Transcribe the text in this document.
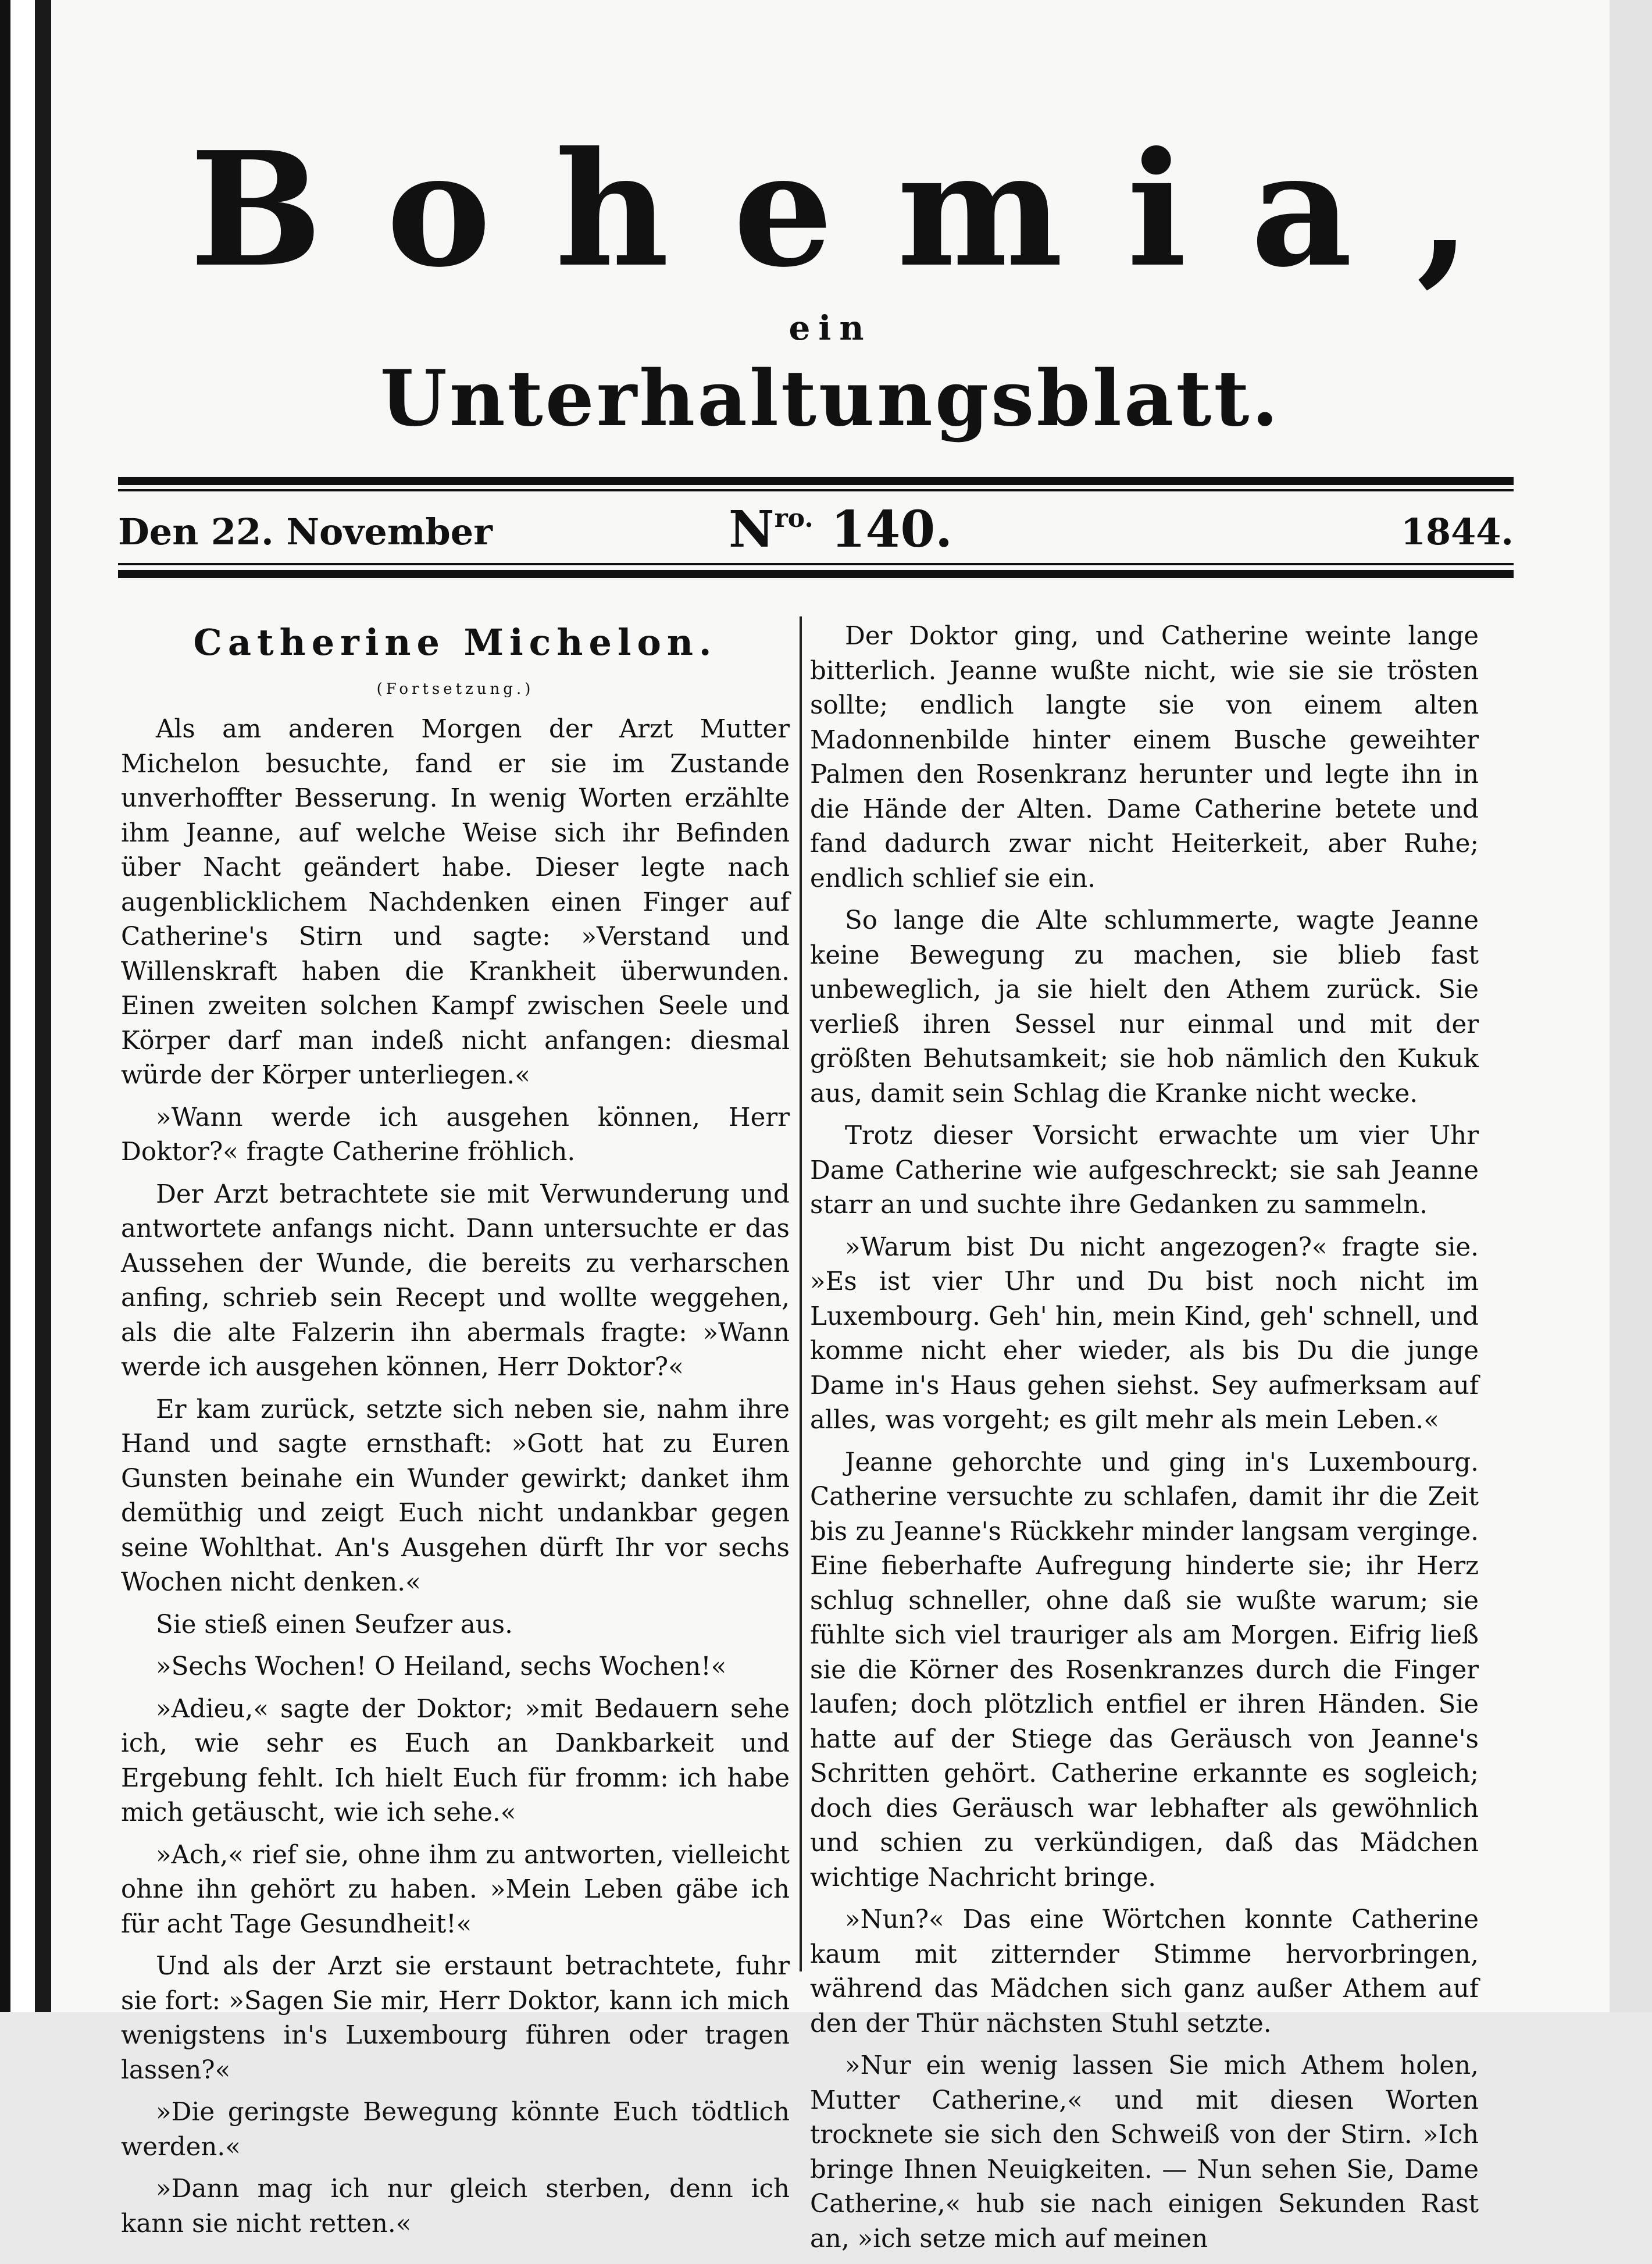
Bohemia,
ein
Unterhaltungsblatt.
Den 22. November	$N^{ro.}$ 140.	1844.
Catherine Michelon.
(Fortsetzung.)

Als am anderen Morgen der Arzt Mutter Michelon besuchte, fand er sie im Zustande unverhoffter Besserung. In wenig Worten erzählte ihm Jeanne, auf welche Weise sich ihr Befinden über Nacht geändert habe. Dieser legte nach augenblicklichem Nachdenken einen Finger auf Catherine's Stirn und sagte: »Verstand und Willenskraft haben die Krankheit überwunden. Einen zweiten solchen Kampf zwischen Seele und Körper darf man indeß nicht anfangen: diesmal würde der Körper unterliegen.«

»Wann werde ich ausgehen können, Herr Doktor?« fragte Catherine fröhlich.

Der Arzt betrachtete sie mit Verwunderung und antwortete anfangs nicht. Dann untersuchte er das Aussehen der Wunde, die bereits zu verharschen anfing, schrieb sein Recept und wollte weggehen, als die alte Falzerin ihn abermals fragte: »Wann werde ich ausgehen können, Herr Doktor?«

Er kam zurück, setzte sich neben sie, nahm ihre Hand und sagte ernsthaft: »Gott hat zu Euren Gunsten beinahe ein Wunder gewirkt; danket ihm demüthig und zeigt Euch nicht undankbar gegen seine Wohlthat. An's Ausgehen dürft Ihr vor sechs Wochen nicht denken.«

Sie stieß einen Seufzer aus.

»Sechs Wochen! O Heiland, sechs Wochen!«

»Adieu,« sagte der Doktor; »mit Bedauern sehe ich, wie sehr es Euch an Dankbarkeit und Ergebung fehlt. Ich hielt Euch für fromm: ich habe mich getäuscht, wie ich sehe.«

»Ach,« rief sie, ohne ihm zu antworten, vielleicht ohne ihn gehört zu haben. »Mein Leben gäbe ich für acht Tage Gesundheit!«

Und als der Arzt sie erstaunt betrachtete, fuhr sie fort: »Sagen Sie mir, Herr Doktor, kann ich mich wenigstens in's Luxembourg führen oder tragen lassen?«

»Die geringste Bewegung könnte Euch tödtlich werden.«

»Dann mag ich nur gleich sterben, denn ich kann sie nicht retten.«

Der Doktor ging, und Catherine weinte lange bitterlich. Jeanne wußte nicht, wie sie sie trösten sollte; endlich langte sie von einem alten Madonnenbilde hinter einem Busche geweihter Palmen den Rosenkranz herunter und legte ihn in die Hände der Alten. Dame Catherine betete und fand dadurch zwar nicht Heiterkeit, aber Ruhe; endlich schlief sie ein.

So lange die Alte schlummerte, wagte Jeanne keine Bewegung zu machen, sie blieb fast unbeweglich, ja sie hielt den Athem zurück. Sie verließ ihren Sessel nur einmal und mit der größten Behutsamkeit; sie hob nämlich den Kukuk aus, damit sein Schlag die Kranke nicht wecke.

Trotz dieser Vorsicht erwachte um vier Uhr Dame Catherine wie aufgeschreckt; sie sah Jeanne starr an und suchte ihre Gedanken zu sammeln.

»Warum bist Du nicht angezogen?« fragte sie. »Es ist vier Uhr und Du bist noch nicht im Luxembourg. Geh' hin, mein Kind, geh' schnell, und komme nicht eher wieder, als bis Du die junge Dame in's Haus gehen siehst. Sey aufmerksam auf alles, was vorgeht; es gilt mehr als mein Leben.«

Jeanne gehorchte und ging in's Luxembourg. Catherine versuchte zu schlafen, damit ihr die Zeit bis zu Jeanne's Rückkehr minder langsam verginge. Eine fieberhafte Aufregung hinderte sie; ihr Herz schlug schneller, ohne daß sie wußte warum; sie fühlte sich viel trauriger als am Morgen. Eifrig ließ sie die Körner des Rosenkranzes durch die Finger laufen; doch plötzlich entfiel er ihren Händen. Sie hatte auf der Stiege das Geräusch von Jeanne's Schritten gehört. Catherine erkannte es sogleich; doch dies Geräusch war lebhafter als gewöhnlich und schien zu verkündigen, daß das Mädchen wichtige Nachricht bringe.

»Nun?« Das eine Wörtchen konnte Catherine kaum mit zitternder Stimme hervorbringen, während das Mädchen sich ganz außer Athem auf den der Thür nächsten Stuhl setzte.

»Nur ein wenig lassen Sie mich Athem holen, Mutter Catherine,« und mit diesen Worten trocknete sie sich den Schweiß von der Stirn. »Ich bringe Ihnen Neuigkeiten. — Nun sehen Sie, Dame Catherine,« hub sie nach einigen Sekunden Rast an, »ich setze mich auf meinen
